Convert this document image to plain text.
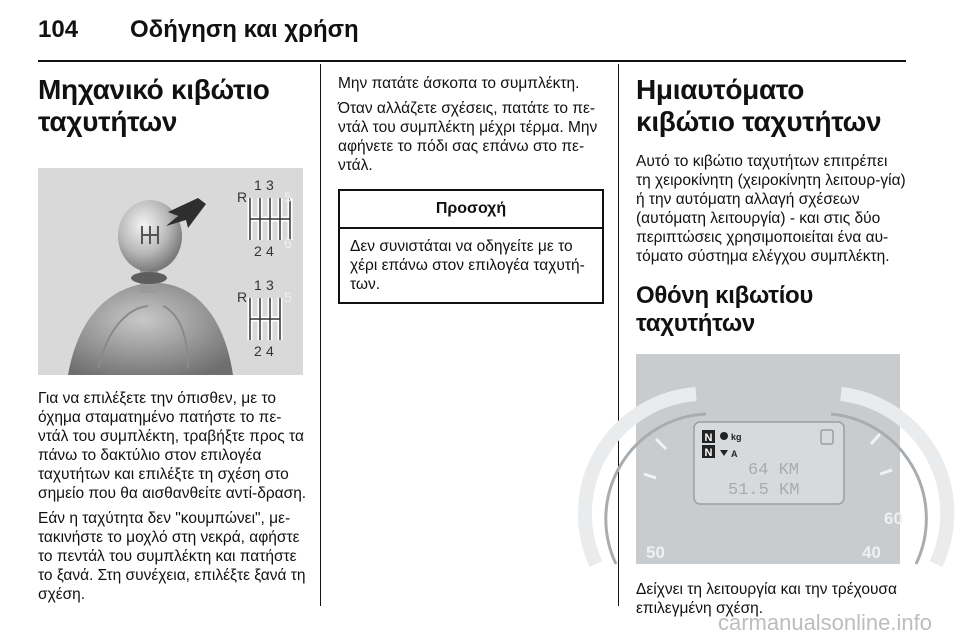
104 Οδήγηση και χρήση
Μηχανικό κιβώτιο ταχυτήτων
R
1 3
5
2 4 6
R
1 3
5
2 4

Για να επιλέξετε την όπισθεν, με το όχημα σταματημένο πατήστε το πε-ντάλ του συμπλέκτη, τραβήξτε προς τα πάνω το δακτύλιο στον επιλογέα ταχυτήτων και επιλέξτε τη σχέση στο σημείο που θα αισθανθείτε αντί-δραση.

Εάν η ταχύτητα δεν "κουμπώνει", με-τακινήστε το μοχλό στη νεκρά, αφήστε το πεντάλ του συμπλέκτη και πατήστε το ξανά. Στη συνέχεια, επιλέξτε ξανά τη σχέση.

Μην πατάτε άσκοπα το συμπλέκτη.

Όταν αλλάζετε σχέσεις, πατάτε το πε-ντάλ του συμπλέκτη μέχρι τέρμα. Μην αφήνετε το πόδι σας επάνω στο πε-ντάλ.

Προσοχή

Δεν συνιστάται να οδηγείτε με το χέρι επάνω στον επιλογέα ταχυτή-των.

Ημιαυτόματο κιβώτιο ταχυτήτων

Αυτό το κιβώτιο ταχυτήτων επιτρέπει τη χειροκίνητη (χειροκίνητη λειτουρ-γία) ή την αυτόματη αλλαγή σχέσεων (αυτόματη λειτουργία) - και στις δύο περιπτώσεις χρησιμοποιείται ένα αυ-τόματο σύστημα ελέγχου συμπλέκτη.

Οθόνη κιβωτίου ταχυτήτων
N
N
kg
A
64 KM
51.5 KM
50	40
60

Δείχνει τη λειτουργία και την τρέχουσα επιλεγμένη σχέση.

carmanualsonline.info
